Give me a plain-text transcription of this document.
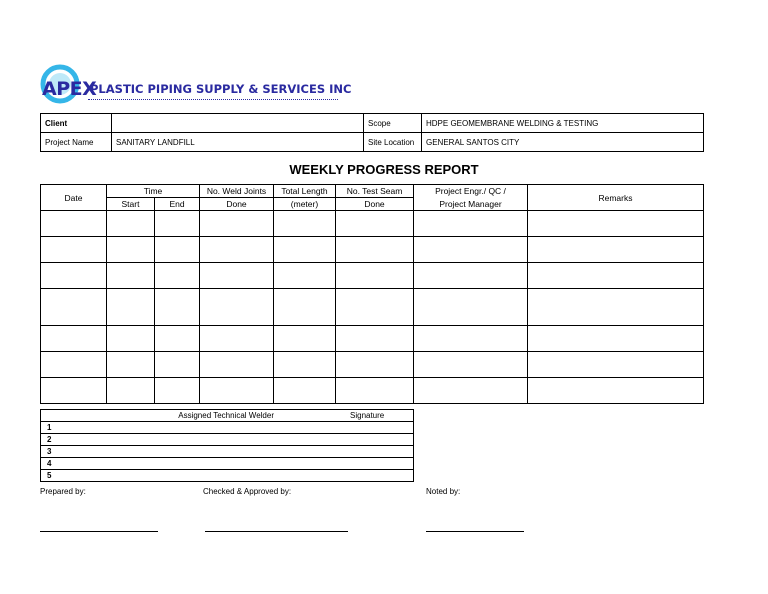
APEX
PLASTIC PIPING SUPPLY & SERVICES INC
Client		Scope	HDPE GEOMEMBRANE WELDING & TESTING
Project Name	SANITARY LANDFILL	Site Location	GENERAL SANTOS CITY
WEEKLY PROGRESS REPORT
Date	Time		No. Weld Joints	Total Length	No. Test Seam	Project Engr./ QC /	Remarks
	Start	End	Done	(meter)	Done	Project Manager	

Assigned Technical Welder	Signature
1
2
3
4
5
Prepared by:	Checked & Approved by:	Noted by:
